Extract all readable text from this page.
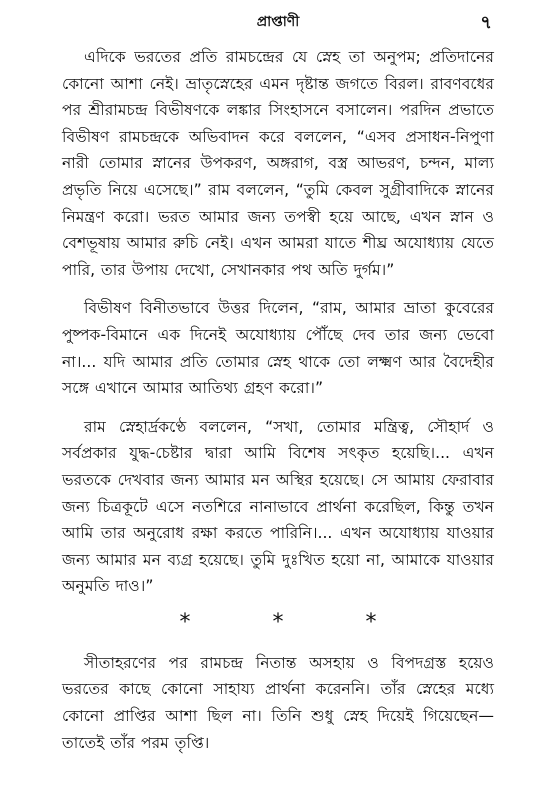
প্রাপ্তাণী	৭

এদিকে ভরতের প্রতি রামচন্দ্রের যে স্নেহ তা অনুপম; প্রতিদানের কোনো আশা নেই। ভ্রাতৃস্নেহের এমন দৃষ্টান্ত জগতে বিরল। রাবণবধের পর শ্রীরামচন্দ্র বিভীষণকে লঙ্কার সিংহাসনে বসালেন। পরদিন প্রভাতে বিভীষণ রামচন্দ্রকে অভিবাদন করে বললেন, “এসব প্রসাধন-নিপুণা নারী তোমার স্নানের উপকরণ, অঙ্গরাগ, বস্ত্র আভরণ, চন্দন, মাল্য প্রভৃতি নিয়ে এসেছে।” রাম বললেন, “তুমি কেবল সুগ্রীবাদিকে স্নানের নিমন্ত্রণ করো। ভরত আমার জন্য তপস্বী হয়ে আছে, এখন স্নান ও বেশভূষায় আমার রুচি নেই। এখন আমরা যাতে শীঘ্র অযোধ্যায় যেতে পারি, তার উপায় দেখো, সেখানকার পথ অতি দুর্গম।”

বিভীষণ বিনীতভাবে উত্তর দিলেন, “রাম, আমার ভ্রাতা কুবেরের পুষ্পক-বিমানে এক দিনেই অযোধ্যায় পৌঁছে দেব তার জন্য ভেবো না।... যদি আমার প্রতি তোমার স্নেহ থাকে তো লক্ষ্মণ আর বৈদেহীর সঙ্গে এখানে আমার আতিথ্য গ্রহণ করো।”

রাম স্নেহার্দ্রকণ্ঠে বললেন, “সখা, তোমার মন্ত্রিত্ব, সৌহার্দ ও সর্বপ্রকার যুদ্ধ-চেষ্টার দ্বারা আমি বিশেষ সৎকৃত হয়েছি।... এখন ভরতকে দেখবার জন্য আমার মন অস্থির হয়েছে। সে আমায় ফেরাবার জন্য চিত্রকূটে এসে নতশিরে নানাভাবে প্রার্থনা করেছিল, কিন্তু তখন আমি তার অনুরোধ রক্ষা করতে পারিনি।... এখন অযোধ্যায় যাওয়ার জন্য আমার মন ব্যগ্র হয়েছে। তুমি দুঃখিত হয়ো না, আমাকে যাওয়ার অনুমতি দাও।”

*	*	*

সীতাহরণের পর রামচন্দ্র নিতান্ত অসহায় ও বিপদগ্রস্ত হয়েও ভরতের কাছে কোনো সাহায্য প্রার্থনা করেননি। তাঁর স্নেহের মধ্যে কোনো প্রাপ্তির আশা ছিল না। তিনি শুধু স্নেহ দিয়েই গিয়েছেন—তাতেই তাঁর পরম তৃপ্তি।
